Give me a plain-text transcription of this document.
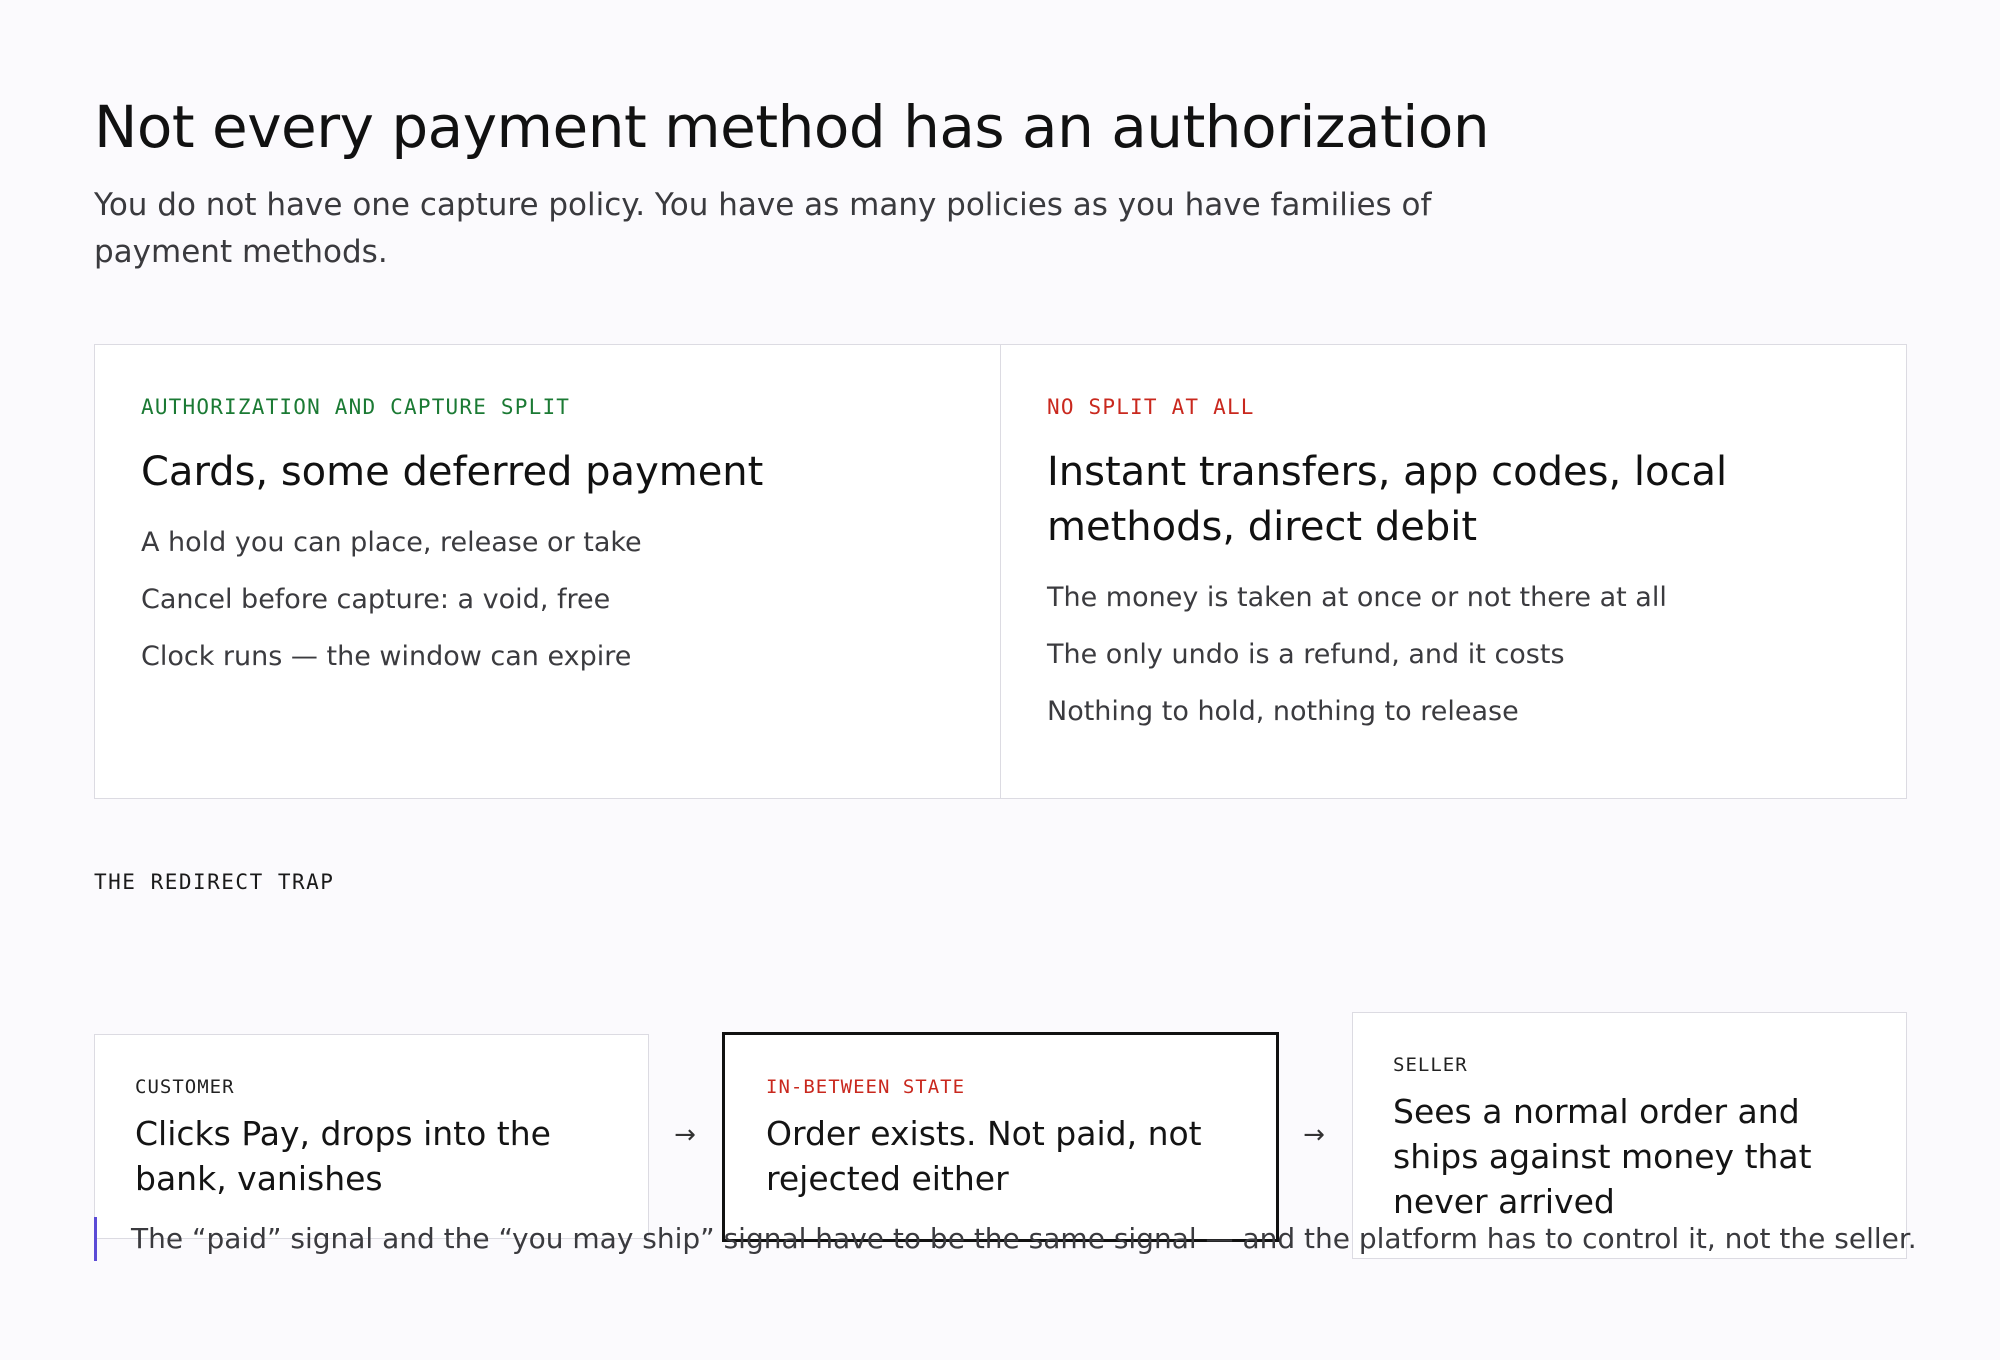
Not every payment method has an authorization

You do not have one capture policy. You have as many policies as you have families of payment methods.

AUTHORIZATION AND CAPTURE SPLIT
Cards, some deferred payment
A hold you can place, release or take
Cancel before capture: a void, free
Clock runs — the window can expire
NO SPLIT AT ALL
Instant transfers, app codes, local methods, direct debit
The money is taken at once or not there at all
The only undo is a refund, and it costs
Nothing to hold, nothing to release
THE REDIRECT TRAP
CUSTOMER
Clicks Pay, drops into the bank, vanishes
→
IN-BETWEEN STATE
Order exists. Not paid, not rejected either
→
SELLER
Sees a normal order and ships against money that never arrived
The “paid” signal and the “you may ship” signal have to be the same signal — and the platform has to control it, not the seller.
